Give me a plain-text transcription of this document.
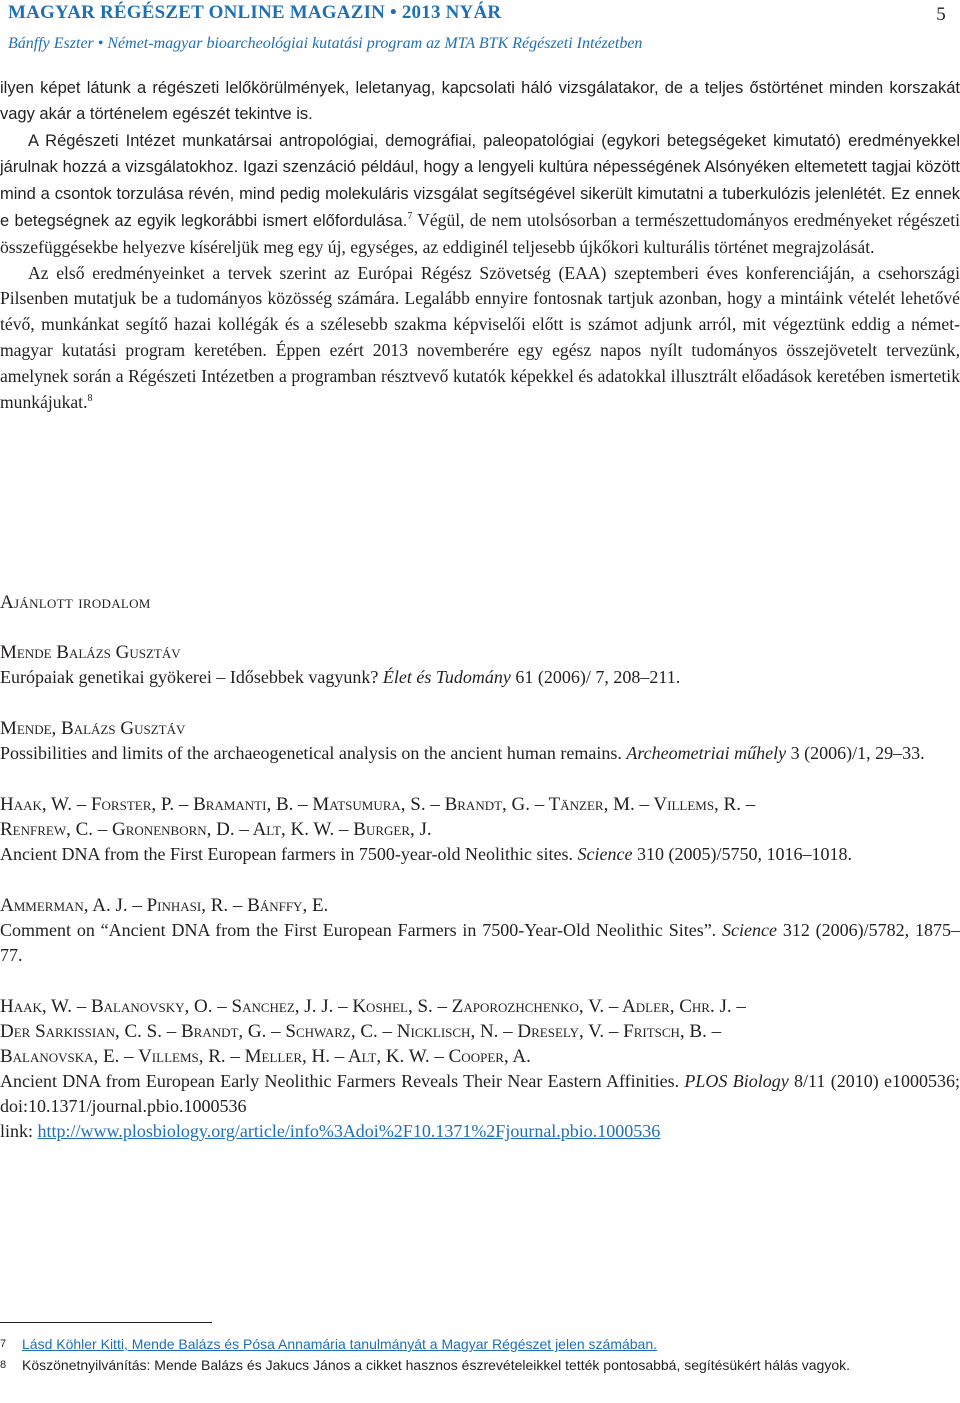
MAGYAR RÉGÉSZET ONLINE MAGAZIN • 2013 NYÁR	5
Bánffy Eszter • Német-magyar bioarcheológiai kutatási program az MTA BTK Régészeti Intézetben

ilyen képet látunk a régészeti lelőkörülmények, leletanyag, kapcsolati háló vizsgálatakor, de a teljes őstörténet minden korszakát vagy akár a történelem egészét tekintve is.

A Régészeti Intézet munkatársai antropológiai, demográfiai, paleopatológiai (egykori betegségeket kimutató) eredményekkel járulnak hozzá a vizsgálatokhoz. Igazi szenzáció például, hogy a lengyeli kultúra népességének Alsónyéken eltemetett tagjai között mind a csontok torzulása révén, mind pedig molekuláris vizsgálat segítségével sikerült kimutatni a tuberkulózis jelenlétét. Ez ennek e betegségnek az egyik legkorábbi ismert előfordulása.$^7$ Végül, de nem utolsósorban a természettudományos eredményeket régészeti összefüggésekbe helyezve kíséreljük meg egy új, egységes, az eddiginél teljesebb újkőkori kulturális történet megrajzolását.

Az első eredményeinket a tervek szerint az Európai Régész Szövetség (EAA) szeptemberi éves konferenciáján, a csehországi Pilsenben mutatjuk be a tudományos közösség számára. Legalább ennyire fontosnak tartjuk azonban, hogy a mintáink vételét lehetővé tévő, munkánkat segítő hazai kollégák és a szélesebb szakma képviselői előtt is számot adjunk arról, mit végeztünk eddig a német-magyar kutatási program keretében. Éppen ezért 2013 novemberére egy egész napos nyílt tudományos összejövetelt tervezünk, amelynek során a Régészeti Intézetben a programban résztvevő kutatók képekkel és adatokkal illusztrált előadások keretében ismertetik munkájukat.$^8$

Ajánlott irodalom
Mende Balázs Gusztáv
Európaiak genetikai gyökerei – Idősebbek vagyunk? Élet és Tudomány 61 (2006)/ 7, 208–211.
Mende, Balázs Gusztáv
Possibilities and limits of the archaeogenetical analysis on the ancient human remains. Archeometriai műhely 3 (2006)/1, 29–33.
Haak, W. – Forster, P. – Bramanti, B. – Matsumura, S. – Brandt, G. – Tänzer, M. – Villems, R. –
Renfrew, C. – Gronenborn, D. – Alt, K. W. – Burger, J.
Ancient DNA from the First European farmers in 7500-year-old Neolithic sites. Science 310 (2005)/5750, 1016–1018.
Ammerman, A. J. – Pinhasi, R. – Bánffy, E.
Comment on “Ancient DNA from the First European Farmers in 7500-Year-Old Neolithic Sites”. Science 312 (2006)/5782, 1875–77.
Haak, W. – Balanovsky, O. – Sanchez, J. J. – Koshel, S. – Zaporozhchenko, V. – Adler, Chr. J. –
Der Sarkissian, C. S. – Brandt, G. – Schwarz, C. – Nicklisch, N. – Dresely, V. – Fritsch, B. –
Balanovska, E. – Villems, R. – Meller, H. – Alt, K. W. – Cooper, A.
Ancient DNA from European Early Neolithic Farmers Reveals Their Near Eastern Affinities. PLOS Biology 8/11 (2010) e1000536; doi:10.1371/journal.pbio.1000536
link: http://www.plosbiology.org/article/info%3Adoi%2F10.1371%2Fjournal.pbio.1000536
7	Lásd Köhler Kitti, Mende Balázs és Pósa Annamária tanulmányát a Magyar Régészet jelen számában.
8	Köszönetnyilvánítás: Mende Balázs és Jakucs János a cikket hasznos észrevételeikkel tették pontosabbá, segítésükért hálás vagyok.
